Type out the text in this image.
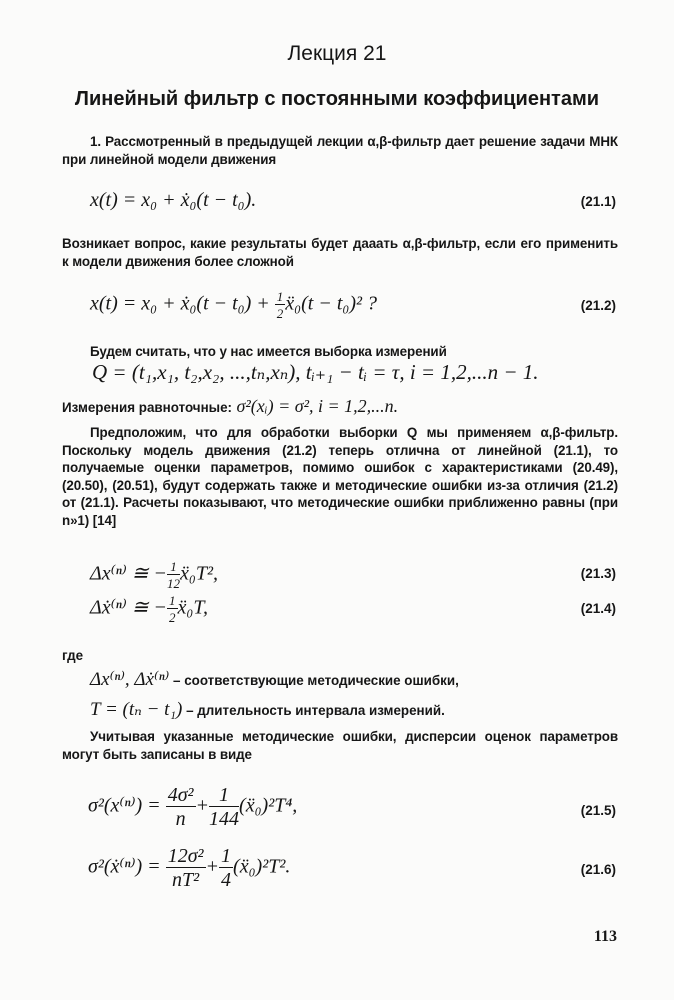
Лекция 21
Линейный фильтр с постоянными коэффициентами
1. Рассмотренный в предыдущей лекции α,β-фильтр дает решение задачи МНК при линейной модели движения
x(t) = x₀ + ẋ₀(t − t₀).	(21.1)
Возникает вопрос, какие результаты будет дааать α,β-фильтр, если его применить к модели движения более сложной
x(t) = x₀ + ẋ₀(t − $t_0) + \frac{1}{2}$ ẍ₀(t − t₀)² ?	(21.2)
Будем считать, что у нас имеется выборка измерений
Q = (t₁,x₁, t₂,x₂, ...,tₙ,xₙ), tᵢ₊₁ − tᵢ = τ, i = 1,2,...n − 1.
Измерения равноточные: σ²(xᵢ) = σ², i = 1,2,...n.
Предположим, что для обработки выборки Q мы применяем α,β-фильтр. Поскольку модель движения (21.2) теперь отлична от линейной (21.1), то получаемые оценки параметров, помимо ошибок с характеристиками (20.49), (20.50), (20.51), будут содержать также и методические ошибки из-за отличия (21.2) от (21.1). Расчеты показывают, что методические ошибки приближенно равны (при n»1) [14]
Δx⁽ⁿ⁾ ≅ − $\frac{1}{12}$ ẍ₀T²,	(21.3)
Δẋ⁽ⁿ⁾ ≅ − $\frac{1}{2}$ ẍ₀T,	(21.4)
где
Δx⁽ⁿ⁾, Δẋ⁽ⁿ⁾ – соответствующие методические ошибки,
T = (tₙ − t₁) – длительность интервала измерений.
Учитывая указанные методические ошибки, дисперсии оценок параметров могут быть записаны в виде
$\sigma^2(x^{(n)}) = \frac{\text{4σ²}}{n} + \frac{1}{144}$ (ẍ₀)²T⁴,	(21.5)
σ²(ẋ⁽ⁿ⁾) = $\frac{\text{12σ²}}{\text{nT²}} + \frac{1}{4}$ (ẍ₀)²T².	(21.6)
113
